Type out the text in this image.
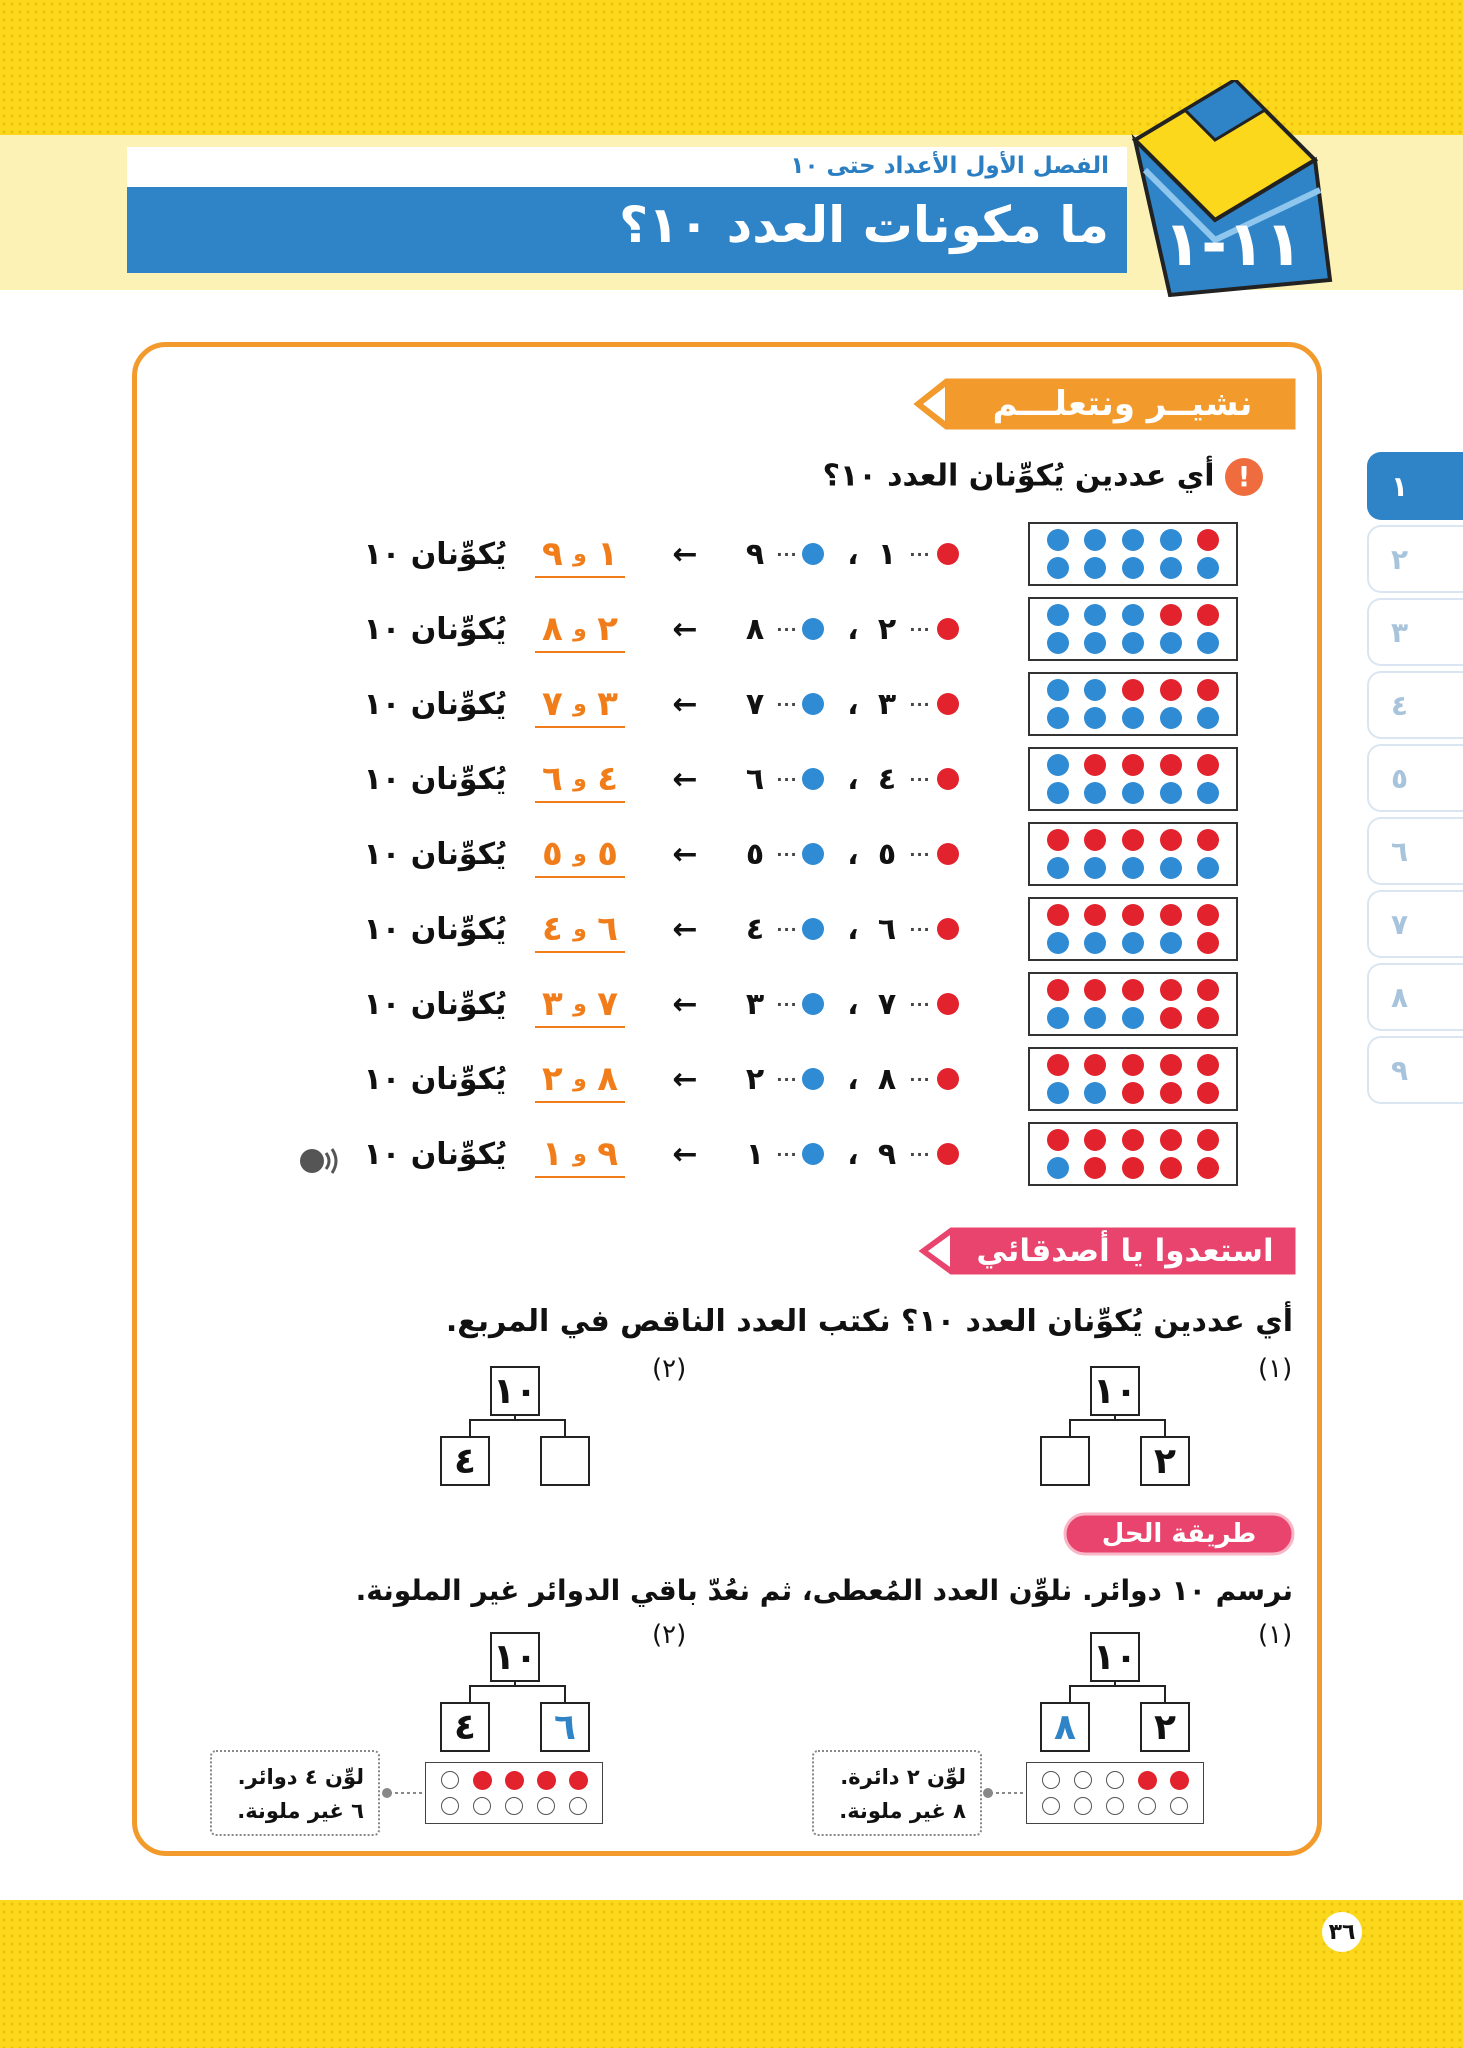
الفصل الأول الأعداد حتى ١٠
ما مكونات العدد ١٠؟ ١١-١
١
٢
٣
٤
٥
٦
٧
٨
٩
نشيــر ونتعلـــم
! أي عددين يُكوِّنان العدد ١٠؟
···
١
،
···
٩
←
٩
و
١
يُكوِّنان ١٠
···
٢
،
···
٨
←
٨
و
٢
يُكوِّنان ١٠
···
٣
،
···
٧
←
٧
و
٣
يُكوِّنان ١٠
···
٤
،
···
٦
←
٦
و
٤
يُكوِّنان ١٠
···
٥
،
···
٥
←
٥
و
٥
يُكوِّنان ١٠
···
٦
،
···
٤
←
٤
و
٦
يُكوِّنان ١٠
···
٧
،
···
٣
←
٣
و
٧
يُكوِّنان ١٠
···
٨
،
···
٢
←
٢
و
٨
يُكوِّنان ١٠
···
٩
،
···
١
←
١
و
٩
يُكوِّنان ١٠
استعدوا يا أصدقائي
أي عددين يُكوِّنان العدد ١٠؟ نكتب العدد الناقص في المربع.
(١)
(٢)
١٠
٢
١٠
٤
طريقة الحل
نرسم ١٠ دوائر. نلوِّن العدد المُعطى، ثم نعُدّ باقي الدوائر غير الملونة.
(١)
(٢)
١٠
٢
٨
١٠
٦
٤
لوِّن ٢ دائرة.
٨ غير ملونة.
لوِّن ٤ دوائر.
٦ غير ملونة.
٣٦
